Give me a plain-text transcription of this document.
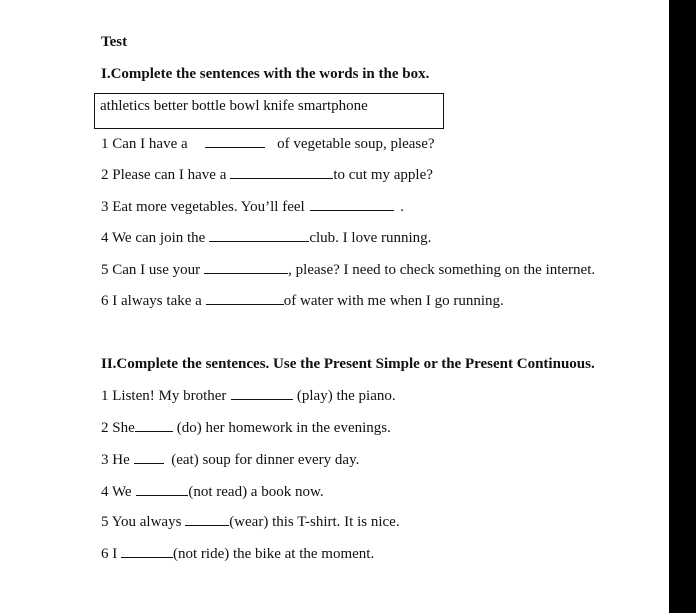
Test
I.Complete the sentences with the words in the box.
athletics better bottle bowl knife smartphone
1 Can I have a	of vegetable soup, please?
2 Please can I have a	to cut my apple?
3 Eat more vegetables. You’ll feel	.
4 We can join the	club. I love running.
5 Can I use your	, please? I need to check something on the internet.
6 I always take a	of water with me when I go running.
II.Complete the sentences. Use the Present Simple or the Present Continuous.
1 Listen! My brother	(play) the piano.
2 She	(do) her homework in the evenings.
3 He	(eat) soup for dinner every day.
4 We	(not read) a book now.
5 You always	(wear) this T-shirt. It is nice.
6 I	(not ride) the bike at the moment.
